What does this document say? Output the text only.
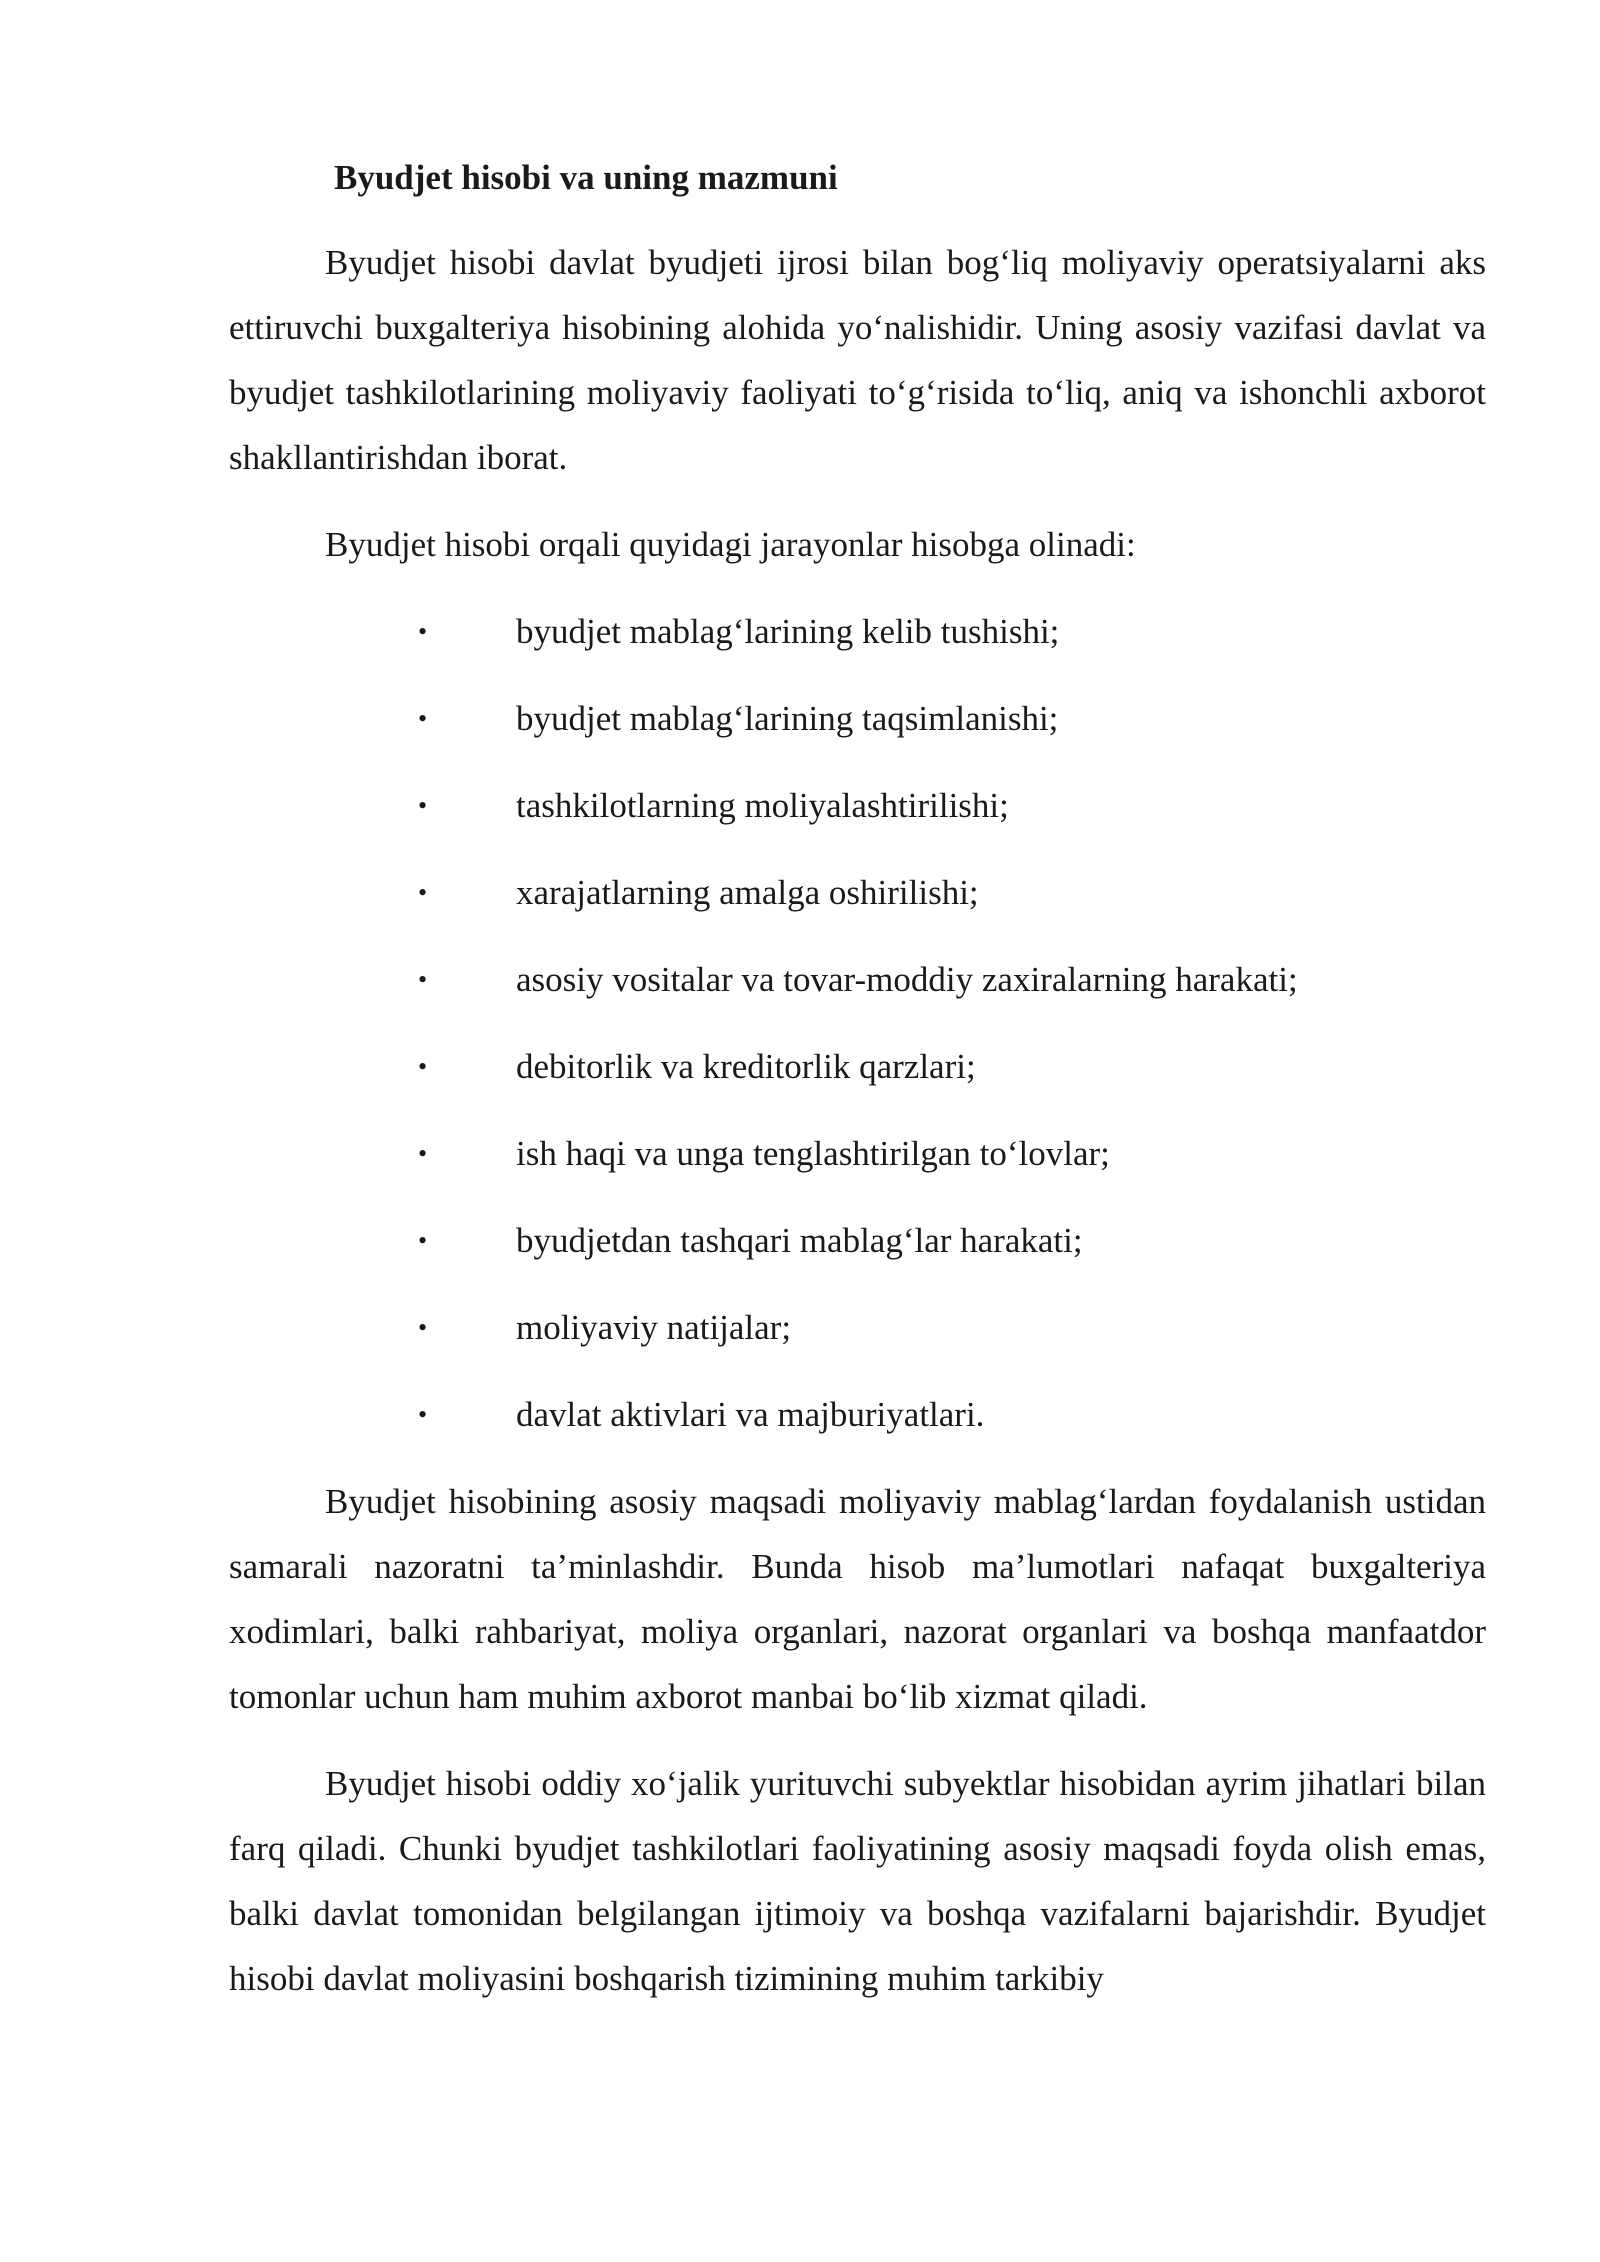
Byudjet hisobi va uning mazmuni

Byudjet hisobi davlat byudjeti ijrosi bilan bog‘liq moliyaviy operatsiyalarni aks ettiruvchi buxgalteriya hisobining alohida yo‘nalishidir. Uning asosiy vazifasi davlat va byudjet tashkilotlarining moliyaviy faoliyati to‘g‘risida to‘liq, aniq va ishonchli axborot shakllantirishdan iborat.

Byudjet hisobi orqali quyidagi jarayonlar hisobga olinadi:

•	byudjet mablag‘larining kelib tushishi;
•	byudjet mablag‘larining taqsimlanishi;
•	tashkilotlarning moliyalashtirilishi;
•	xarajatlarning amalga oshirilishi;
•	asosiy vositalar va tovar-moddiy zaxiralarning harakati;
•	debitorlik va kreditorlik qarzlari;
•	ish haqi va unga tenglashtirilgan to‘lovlar;
•	byudjetdan tashqari mablag‘lar harakati;
•	moliyaviy natijalar;
•	davlat aktivlari va majburiyatlari.

Byudjet hisobining asosiy maqsadi moliyaviy mablag‘lardan foydalanish ustidan samarali nazoratni ta’minlashdir. Bunda hisob ma’lumotlari nafaqat buxgalteriya xodimlari, balki rahbariyat, moliya organlari, nazorat organlari va boshqa manfaatdor tomonlar uchun ham muhim axborot manbai bo‘lib xizmat qiladi.

Byudjet hisobi oddiy xo‘jalik yurituvchi subyektlar hisobidan ayrim jihatlari bilan farq qiladi. Chunki byudjet tashkilotlari faoliyatining asosiy maqsadi foyda olish emas, balki davlat tomonidan belgilangan ijtimoiy va boshqa vazifalarni bajarishdir. Byudjet hisobi davlat moliyasini boshqarish tizimining muhim tarkibiy
